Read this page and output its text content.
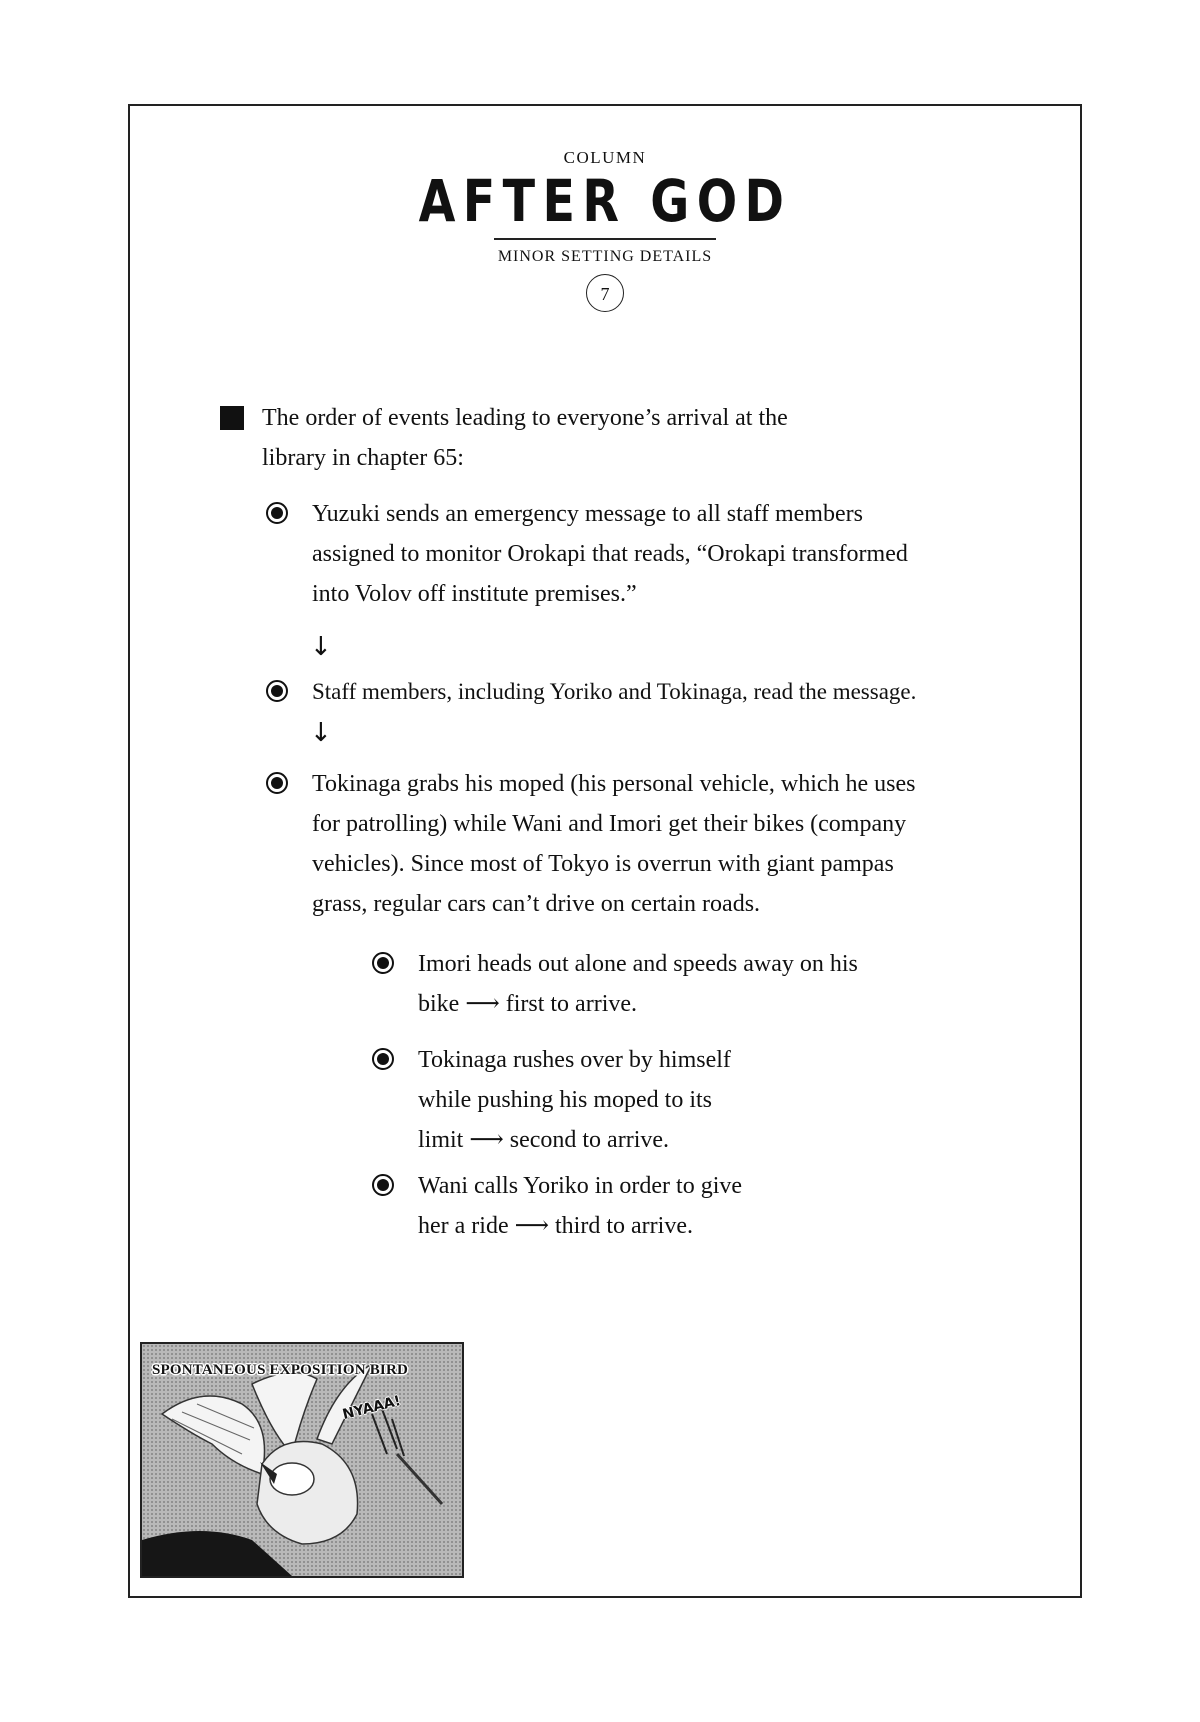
COLUMN
AFTER GOD
MINOR SETTING DETAILS
7
The order of events leading to everyone’s arrival at the
library in chapter 65:
Yuzuki sends an emergency message to all staff members
assigned to monitor Orokapi that reads, “Orokapi transformed
into Volov off institute premises.”
↓
Staff members, including Yoriko and Tokinaga, read the message.
↓
Tokinaga grabs his moped (his personal vehicle, which he uses
for patrolling) while Wani and Imori get their bikes (company
vehicles). Since most of Tokyo is overrun with giant pampas
grass, regular cars can’t drive on certain roads.
Imori heads out alone and speeds away on his
bike ⟶ first to arrive.
Tokinaga rushes over by himself
while pushing his moped to its
limit ⟶ second to arrive.
Wani calls Yoriko in order to give
her a ride ⟶ third to arrive.
SPONTANEOUS EXPOSITION BIRD
NYAAA!
